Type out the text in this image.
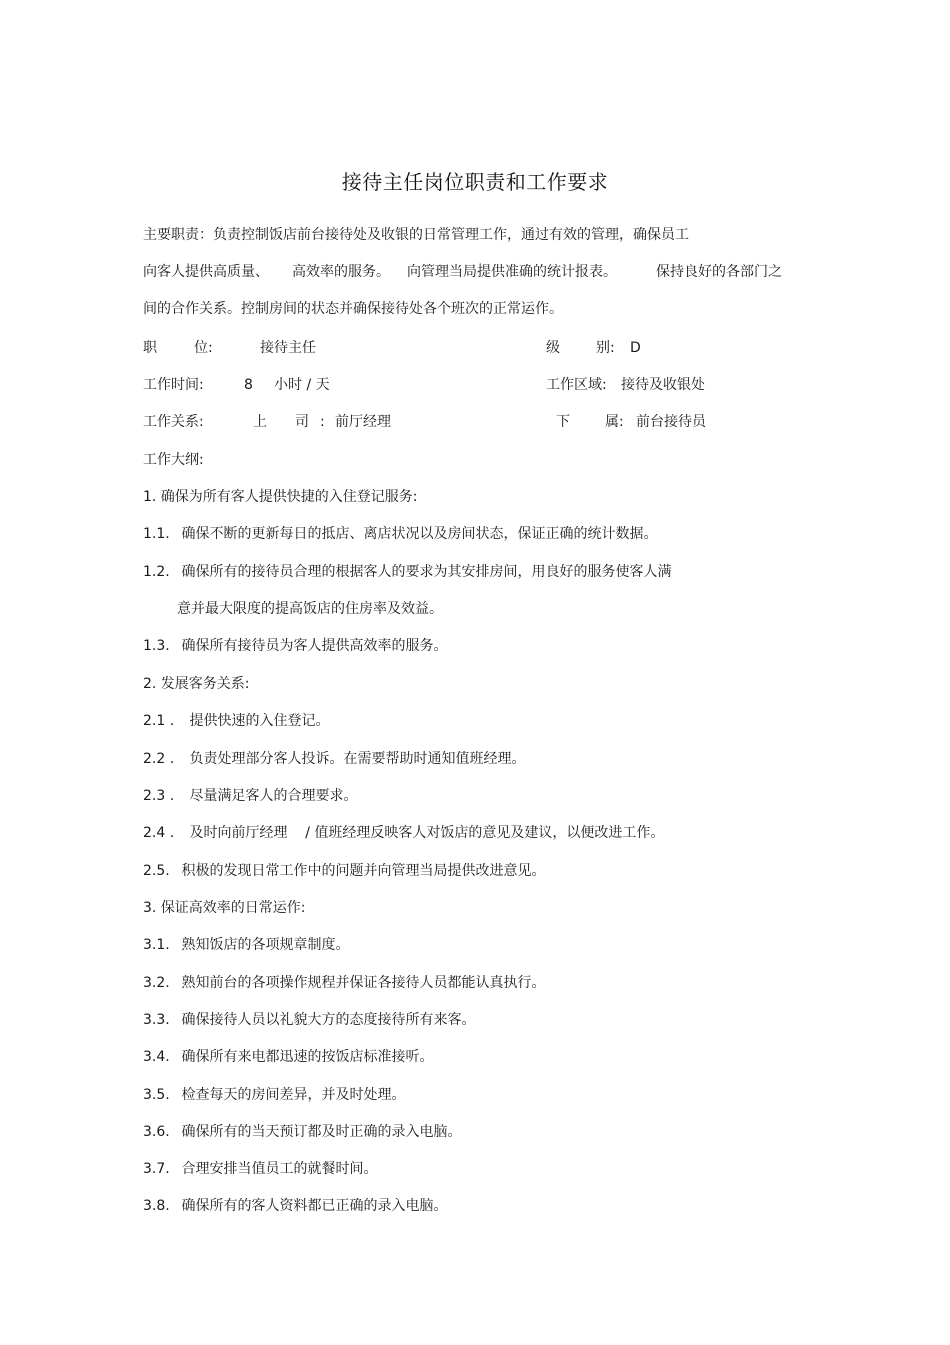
接待主任岗位职责和工作要求
主要职责：负责控制饭店前台接待处及收银的日常管理工作，通过有效的管理，确保员工
向客人提供高质量、 高效率的服务。 向管理当局提供准确的统计报表。	保持良好的各部门之
间的合作关系。控制房间的状态并确保接待处各个班次的正常运作。
职	位:	接待主任	级	别: D
工作时间:	8 小时 / 天	工作区域: 接待及收银处
工作关系:	上 司 : 前厅经理	下	属: 前台接待员
工作大纲:
1. 确保为所有客人提供快捷的入住登记服务:
1.1. 确保不断的更新每日的抵店、离店状况以及房间状态，保证正确的统计数据。
1.2. 确保所有的接待员合理的根据客人的要求为其安排房间，用良好的服务使客人满
意并最大限度的提高饭店的住房率及效益。
1.3. 确保所有接待员为客人提供高效率的服务。
2. 发展客务关系:
2.1 . 提供快速的入住登记。
2.2 . 负责处理部分客人投诉。在需要帮助时通知值班经理。
2.3 . 尽量满足客人的合理要求。
2.4 . 及时向前厅经理    / 值班经理反映客人对饭店的意见及建议，以便改进工作。
2.5. 积极的发现日常工作中的问题并向管理当局提供改进意见。
3. 保证高效率的日常运作:
3.1. 熟知饭店的各项规章制度。
3.2. 熟知前台的各项操作规程并保证各接待人员都能认真执行。
3.3. 确保接待人员以礼貌大方的态度接待所有来客。
3.4. 确保所有来电都迅速的按饭店标准接听。
3.5. 检查每天的房间差异，并及时处理。
3.6. 确保所有的当天预订都及时正确的录入电脑。
3.7. 合理安排当值员工的就餐时间。
3.8. 确保所有的客人资料都已正确的录入电脑。
